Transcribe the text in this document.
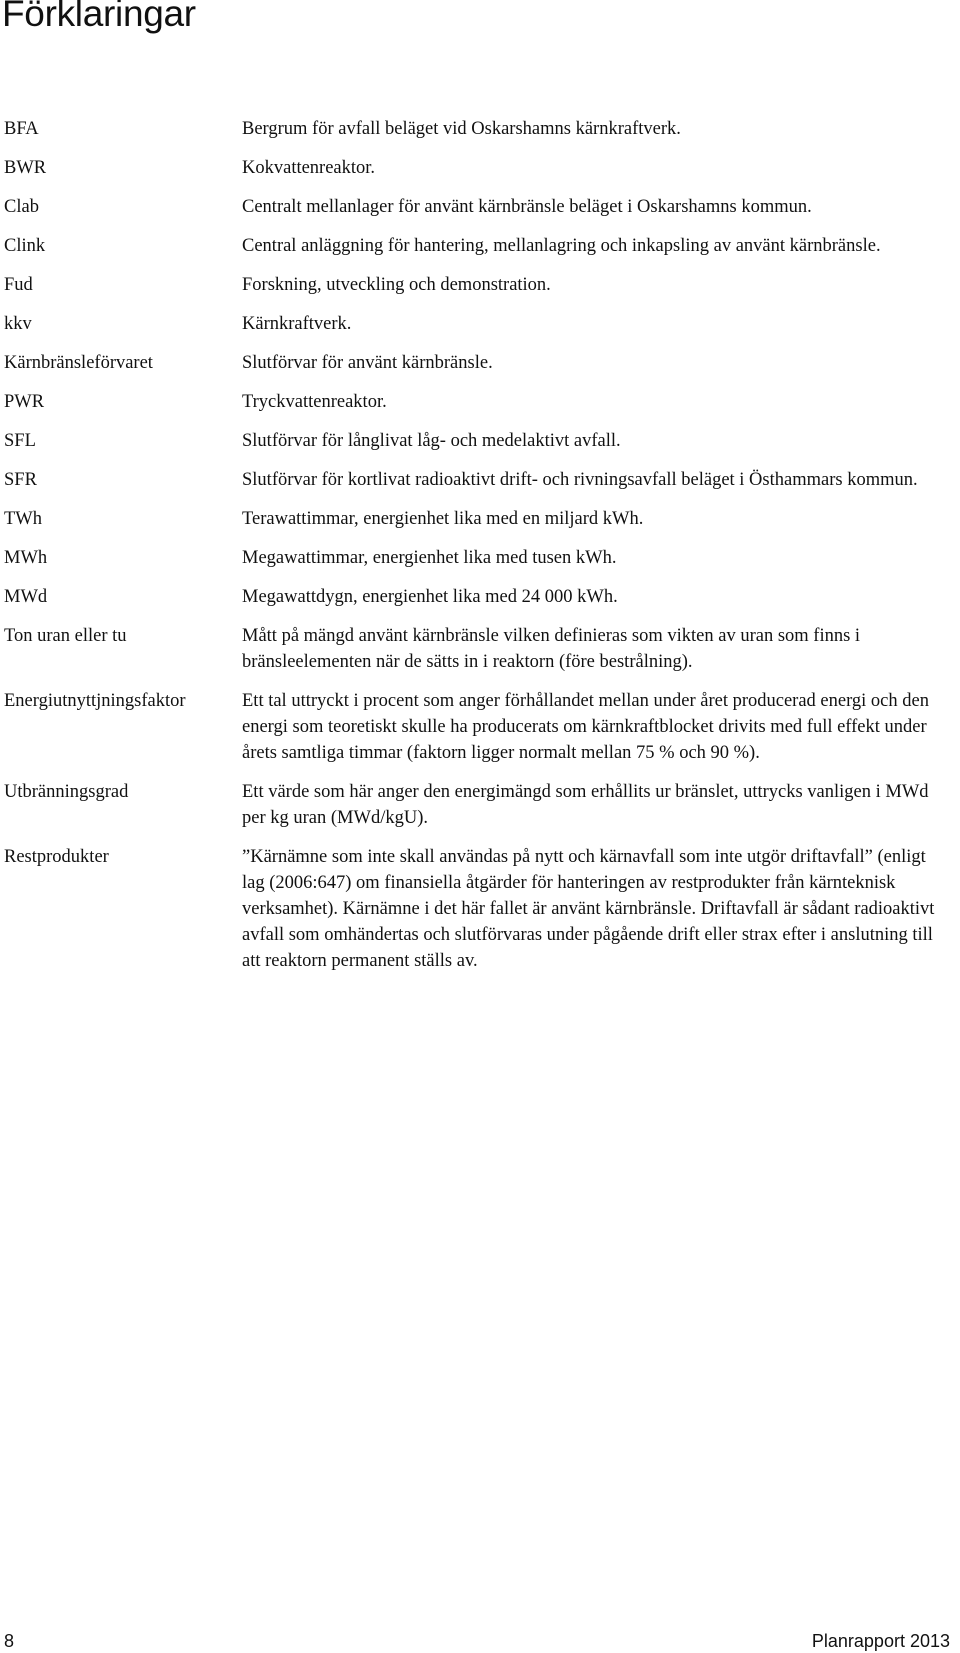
Förklaringar
BFA	Bergrum för avfall beläget vid Oskarshamns kärnkraftverk.
BWR	Kokvattenreaktor.
Clab	Centralt mellanlager för använt kärnbränsle beläget i Oskarshamns kommun.
Clink	Central anläggning för hantering, mellanlagring och inkapsling av använt kärnbränsle.
Fud	Forskning, utveckling och demonstration.
kkv	Kärnkraftverk.
Kärnbränsleförvaret	Slutförvar för använt kärnbränsle.
PWR	Tryckvattenreaktor.
SFL	Slutförvar för långlivat låg- och medelaktivt avfall.
SFR	Slutförvar för kortlivat radioaktivt drift- och rivningsavfall beläget i Östhammars kommun.
TWh	Terawattimmar, energienhet lika med en miljard kWh.
MWh	Megawattimmar, energienhet lika med tusen kWh.
MWd	Megawattdygn, energienhet lika med 24 000 kWh.
Ton uran eller tu	Mått på mängd använt kärnbränsle vilken definieras som vikten av uran som finns i bränsleelementen när de sätts in i reaktorn (före bestrålning).
Energiutnyttjningsfaktor	Ett tal uttryckt i procent som anger förhållandet mellan under året producerad energi och den energi som teoretiskt skulle ha producerats om kärnkraftblocket drivits med full effekt under årets samtliga timmar (faktorn ligger normalt mellan 75 % och 90 %).
Utbränningsgrad	Ett värde som här anger den energimängd som erhållits ur bränslet, uttrycks vanligen i MWd per kg uran (MWd/kgU).
Restprodukter	”Kärnämne som inte skall användas på nytt och kärnavfall som inte utgör driftavfall” (enligt lag (2006:647) om finansiella åtgärder för hanteringen av restprodukter från kärnteknisk verksamhet). Kärnämne i det här fallet är använt kärnbränsle. Driftavfall är sådant radioaktivt avfall som omhändertas och slutförvaras under pågående drift eller strax efter i anslutning till att reaktorn permanent ställs av.
8	Planrapport 2013
